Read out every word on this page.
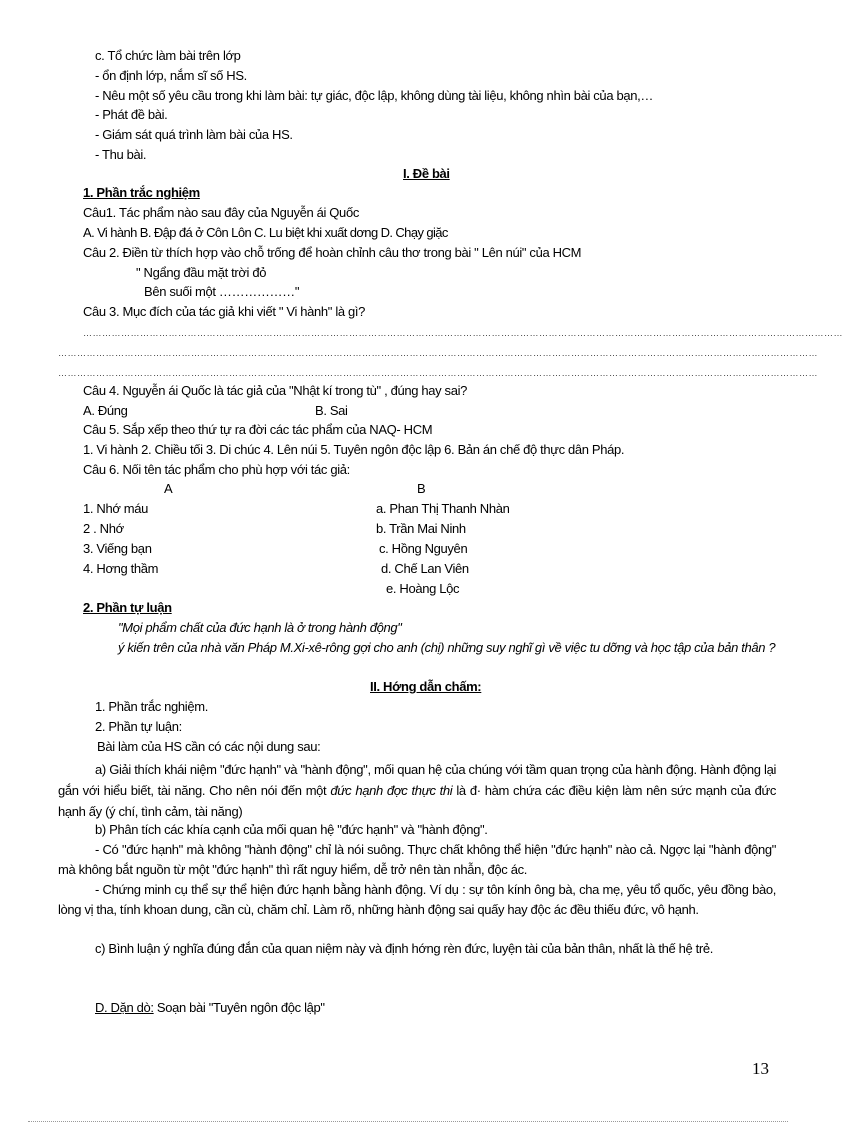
c. Tổ chức làm bài trên lớp
- ổn định lớp, nắm sĩ số HS.
- Nêu một số yêu cầu trong khi làm bài: tự giác, độc lập, không dùng tài liệu, không nhìn bài của bạn,…
- Phát đề bài.
- Giám sát quá trình làm bài của HS.
- Thu bài.
I. Đề bài
1. Phần trắc nghiệm
Câu1. Tác phẩm nào sau đây của Nguyễn ái Quốc
A. Vi hành B. Đập đá ở Côn Lôn C. Lu biệt khi xuất dơng D. Chạy giặc
Câu 2. Điền từ thích hợp vào chỗ trống để hoàn chỉnh câu thơ trong bài " Lên núi" của HCM
" Ngẩng đầu mặt trời đỏ
Bên suối một ………………"
Câu 3. Mục đích của tác giả khi viết " Vi hành" là gì?
……………………………………………………………………………………………………………………………………………………………………………………………………………………
……………………………………………………………………………………………………………………………………………………………………………………………………………………
……………………………………………………………………………………………………………………………………………………………………………………………………………………
Câu 4. Nguyễn ái Quốc là tác giả của "Nhật kí trong tù" , đúng hay sai?
A. Đúng	B. Sai
Câu 5. Sắp xếp theo thứ tự ra đời các tác phẩm của NAQ- HCM
1. Vi hành 2. Chiều tối 3. Di chúc 4. Lên núi 5. Tuyên ngôn độc lập 6. Bản án chế độ thực dân Pháp.
Câu 6. Nối tên tác phẩm cho phù hợp với tác giả:
A	B
1. Nhớ máu
2 . Nhớ
3. Viếng bạn
4. Hơng thầm
a. Phan Thị Thanh Nhàn
b. Trần Mai Ninh
c. Hồng Nguyên
d. Chế Lan Viên
e. Hoàng Lộc
2. Phần tự luận
"Mọi phẩm chất của đức hạnh là ở trong hành động"
ý kiến trên của nhà văn Pháp M.Xi-xê-rông gợi cho anh (chị) những suy nghĩ gì về việc tu dỡng và học tập của bản thân ?
II. Hớng dẫn chấm:
1. Phần trắc nghiệm.
2. Phần tự luận:
Bài làm của HS cần có các nội dung sau:
a) Giải thích khái niệm "đức hạnh" và "hành động", mối quan hệ của chúng với tầm quan trọng của hành động. Hành động lại gắn với hiểu biết, tài năng. Cho nên nói đến một đức hạnh đợc thực thi là đ· hàm chứa các điều kiện làm nên sức mạnh của đức hạnh ấy (ý chí, tình cảm, tài năng)
b) Phân tích các khía cạnh của mối quan hệ "đức hạnh" và "hành động".
- Có "đức hạnh" mà không "hành động" chỉ là nói suông. Thực chất không thể hiện "đức hạnh" nào cả. Ngợc lại "hành động" mà không bắt nguồn từ một "đức hạnh" thì rất nguy hiểm, dễ trở nên tàn nhẫn, độc ác.
- Chứng minh cụ thể sự thể hiện đức hạnh bằng hành động. Ví dụ : sự tôn kính ông bà, cha mẹ, yêu tổ quốc, yêu đồng bào, lòng vị tha, tính khoan dung, cần cù, chăm chỉ. Làm rõ, những hành động sai quấy hay độc ác đều thiếu đức, vô hạnh.
c) Bình luận ý nghĩa đúng đắn của quan niệm này và định hớng rèn đức, luyện tài của bản thân, nhất là thế hệ trẻ.
D. Dặn dò: Soạn bài "Tuyên ngôn độc lập"
13
